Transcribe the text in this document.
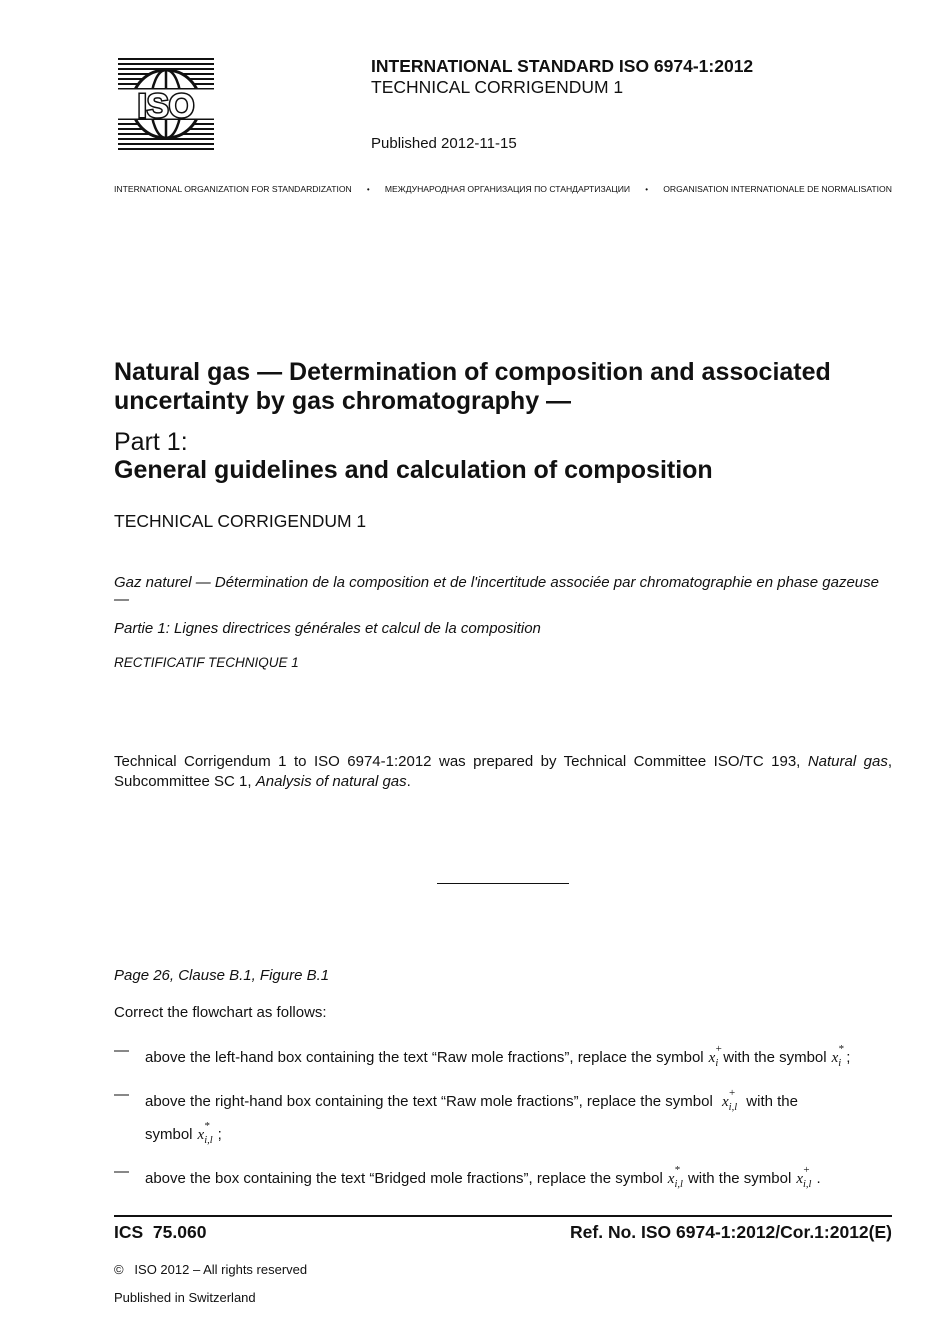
ISO
INTERNATIONAL STANDARD ISO 6974-1:2012
TECHNICAL CORRIGENDUM 1
Published 2012-11-15
INTERNATIONAL ORGANIZATION FOR STANDARDIZATION • МЕЖДУНАРОДНАЯ ОРГАНИЗАЦИЯ ПО СТАНДАРТИЗАЦИИ • ORGANISATION INTERNATIONALE DE NORMALISATION
Natural gas — Determination of composition and associated uncertainty by gas chromatography —
Part 1:
General guidelines and calculation of composition
TECHNICAL CORRIGENDUM 1
Gaz naturel — Détermination de la composition et de l'incertitude associée par chromatographie en phase gazeuse —
Partie 1: Lignes directrices générales et calcul de la composition
RECTIFICATIF TECHNIQUE 1
Technical Corrigendum 1 to ISO 6974-1:2012 was prepared by Technical Committee ISO/TC 193, Natural gas, Subcommittee SC 1, Analysis of natural gas.
Page 26, Clause B.1, Figure B.1
Correct the flowchart as follows:
— above the left-hand box containing the text “Raw mole fractions”, replace the symbol $x_i$
+ with the symbol $x_i$
* ;
— above the right-hand box containing the text “Raw mole fractions”, replace the symbol $x_{i,l}$
+ with the
symbol $x_{i,l}$
* ;
— above the box containing the text “Bridged mole fractions”, replace the symbol $x_{i,l}$
* with the symbol $x_{i,l}$
+ .
ICS  75.060	Ref. No. ISO 6974-1:2012/Cor.1:2012(E)
©   ISO 2012 – All rights reserved
Published in Switzerland
